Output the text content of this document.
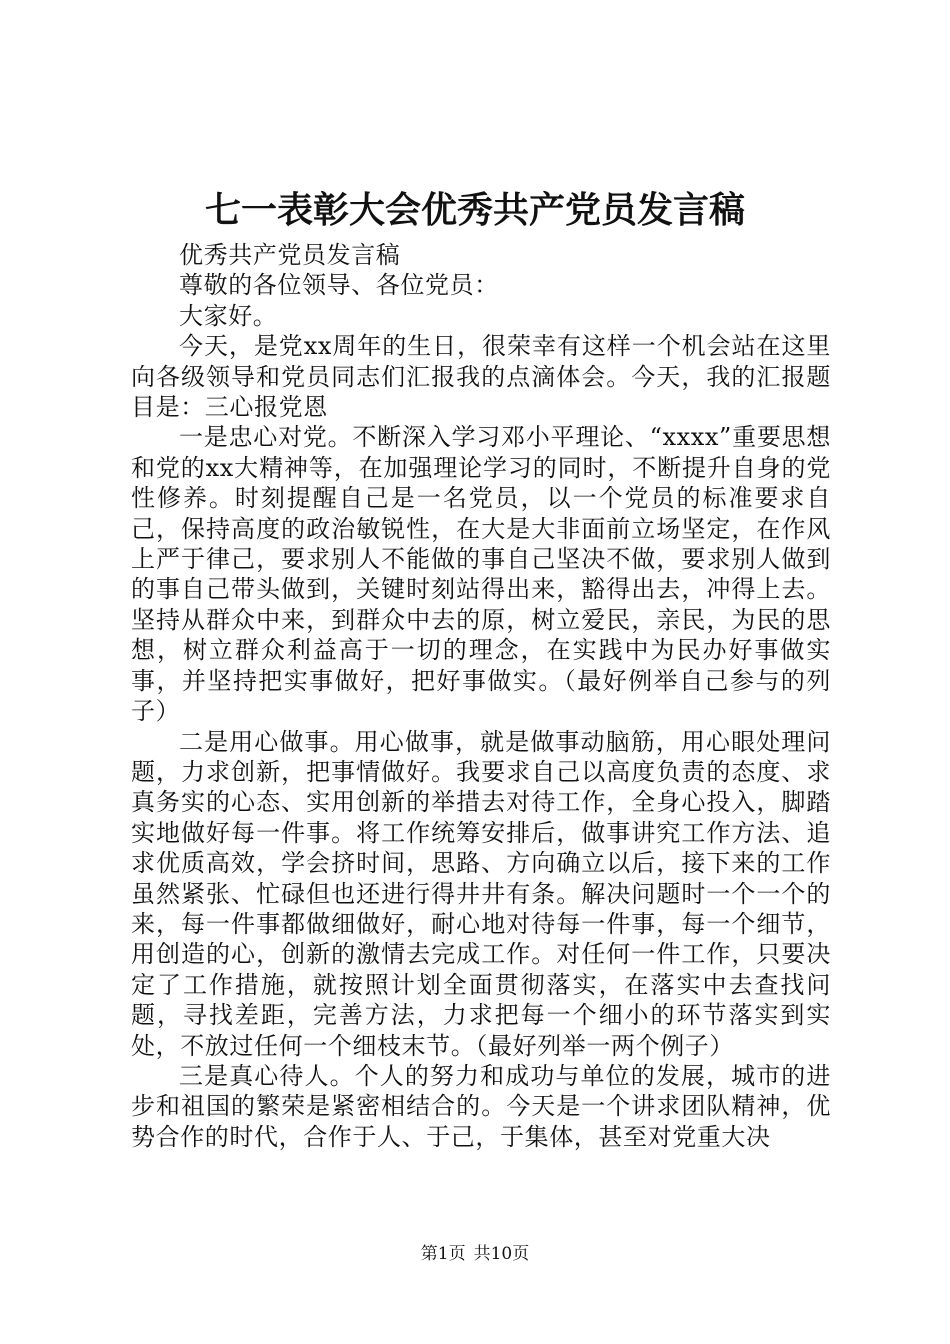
七一表彰大会优秀共产党员发言稿

优秀共产党员发言稿

尊敬的各位领导、各位党员：

大家好。

今天，是党xx周年的生日，很荣幸有这样一个机会站在这里向各级领导和党员同志们汇报我的点滴体会。今天，我的汇报题目是：三心报党恩

一是忠心对党。不断深入学习邓小平理论、“xxxx”重要思想和党的xx大精神等，在加强理论学习的同时，不断提升自身的党性修养。时刻提醒自己是一名党员，以一个党员的标准要求自己，保持高度的政治敏锐性，在大是大非面前立场坚定，在作风上严于律己，要求别人不能做的事自己坚决不做，要求别人做到的事自己带头做到，关键时刻站得出来，豁得出去，冲得上去。坚持从群众中来，到群众中去的原，树立爱民，亲民，为民的思想，树立群众利益高于一切的理念，在实践中为民办好事做实事，并坚持把实事做好，把好事做实。（最好例举自己参与的列子）

二是用心做事。用心做事，就是做事动脑筋，用心眼处理问题，力求创新，把事情做好。我要求自己以高度负责的态度、求真务实的心态、实用创新的举措去对待工作，全身心投入，脚踏实地做好每一件事。将工作统筹安排后，做事讲究工作方法、追求优质高效，学会挤时间，思路、方向确立以后，接下来的工作虽然紧张、忙碌但也还进行得井井有条。解决问题时一个一个的来，每一件事都做细做好，耐心地对待每一件事，每一个细节，用创造的心，创新的激情去完成工作。对任何一件工作，只要决定了工作措施，就按照计划全面贯彻落实，在落实中去查找问题，寻找差距，完善方法，力求把每一个细小的环节落实到实处，不放过任何一个细枝末节。（最好列举一两个例子）

三是真心待人。个人的努力和成功与单位的发展，城市的进步和祖国的繁荣是紧密相结合的。今天是一个讲求团队精神，优势合作的时代，合作于人、于己，于集体，甚至对党重大决

第1页 共10页
